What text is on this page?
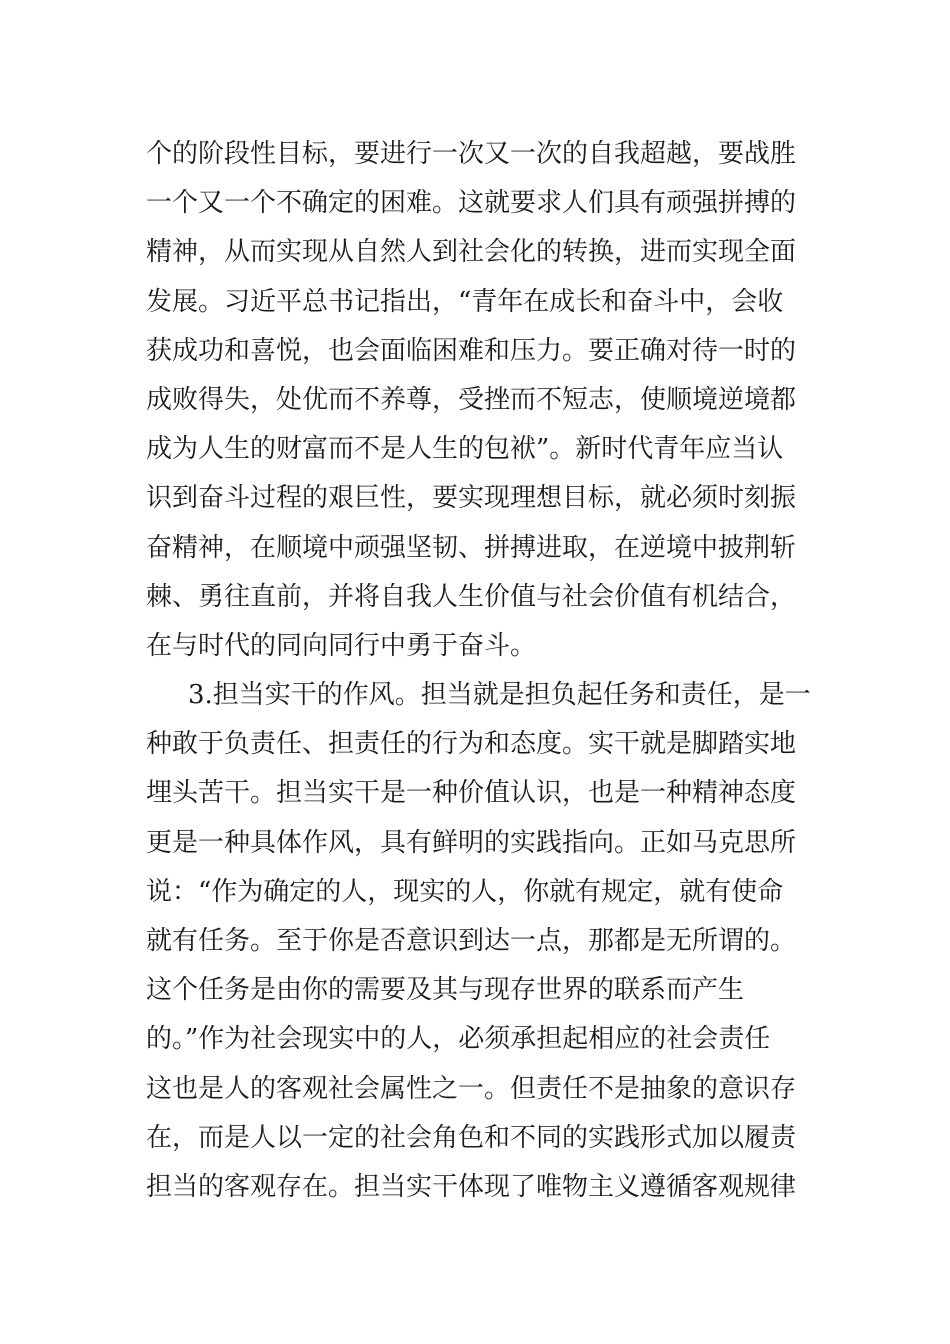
个的阶段性目标，要进行一次又一次的自我超越，要战胜
一个又一个不确定的困难。这就要求人们具有顽强拼搏的
精神，从而实现从自然人到社会化的转换，进而实现全面
发展。习近平总书记指出，“青年在成长和奋斗中，会收
获成功和喜悦，也会面临困难和压力。要正确对待一时的
成败得失，处优而不养尊，受挫而不短志，使顺境逆境都
成为人生的财富而不是人生的包袱”。新时代青年应当认
识到奋斗过程的艰巨性，要实现理想目标，就必须时刻振
奋精神，在顺境中顽强坚韧、拼搏进取，在逆境中披荆斩
棘、勇往直前，并将自我人生价值与社会价值有机结合，
在与时代的同向同行中勇于奋斗。
3.担当实干的作风。担当就是担负起任务和责任，是一
种敢于负责任、担责任的行为和态度。实干就是脚踏实地
埋头苦干。担当实干是一种价值认识，也是一种精神态度
更是一种具体作风，具有鲜明的实践指向。正如马克思所
说：“作为确定的人，现实的人，你就有规定，就有使命
就有任务。至于你是否意识到达一点，那都是无所谓的。
这个任务是由你的需要及其与现存世界的联系而产生
的。”作为社会现实中的人，必须承担起相应的社会责任
这也是人的客观社会属性之一。但责任不是抽象的意识存
在，而是人以一定的社会角色和不同的实践形式加以履责
担当的客观存在。担当实干体现了唯物主义遵循客观规律
